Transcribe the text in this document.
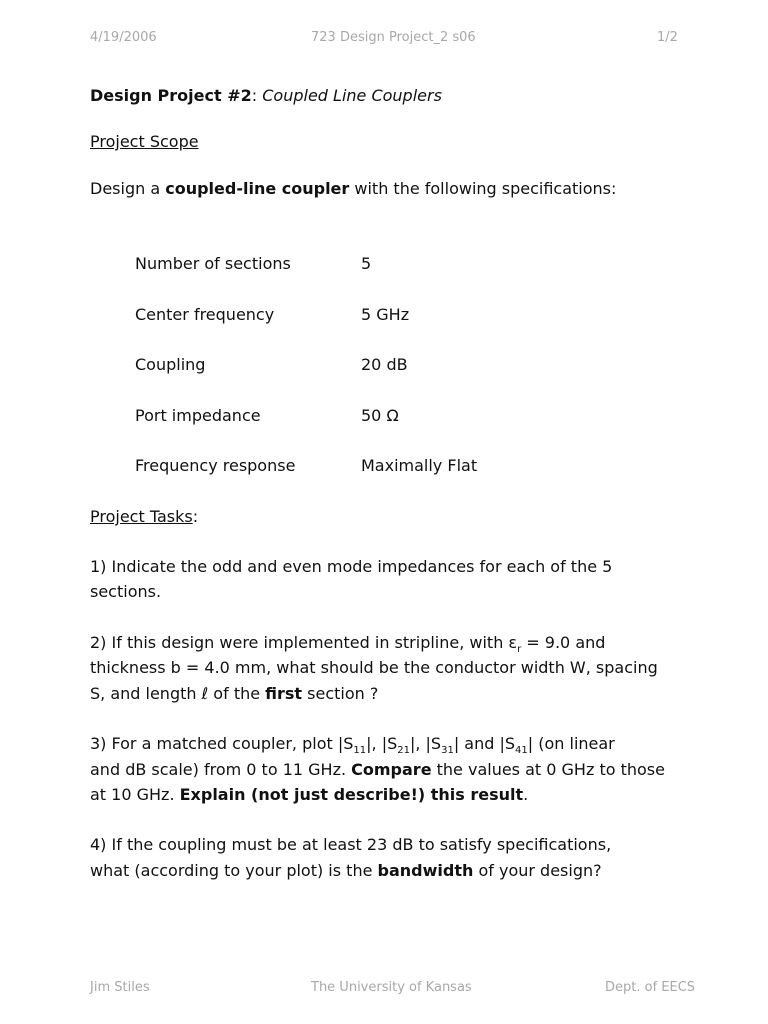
4/19/2006	723 Design Project_2 s06	1/2
Design Project #2: Coupled Line Couplers
Project Scope
Design a coupled-line coupler with the following specifications:
Number of sections	5
Center frequency	5 GHz
Coupling	20 dB
Port impedance	50 Ω
Frequency response	Maximally Flat
Project Tasks:
1) Indicate the odd and even mode impedances for each of the 5
sections.
2) If this design were implemented in stripline, with $\varepsilon_r = 9.0$ and
thickness b = 4.0 mm, what should be the conductor width W, spacing
S, and length ℓ of the first section ?
3) For a matched coupler, plot $|S_{11}|$, $|S_{21}|$, $|S_{31}|$ and $|S_{41}|$ (on linear
and dB scale) from 0 to 11 GHz. Compare the values at 0 GHz to those
at 10 GHz. Explain (not just describe!) this result.
4) If the coupling must be at least 23 dB to satisfy specifications,
what (according to your plot) is the bandwidth of your design?
Jim Stiles	The University of Kansas	Dept. of EECS
